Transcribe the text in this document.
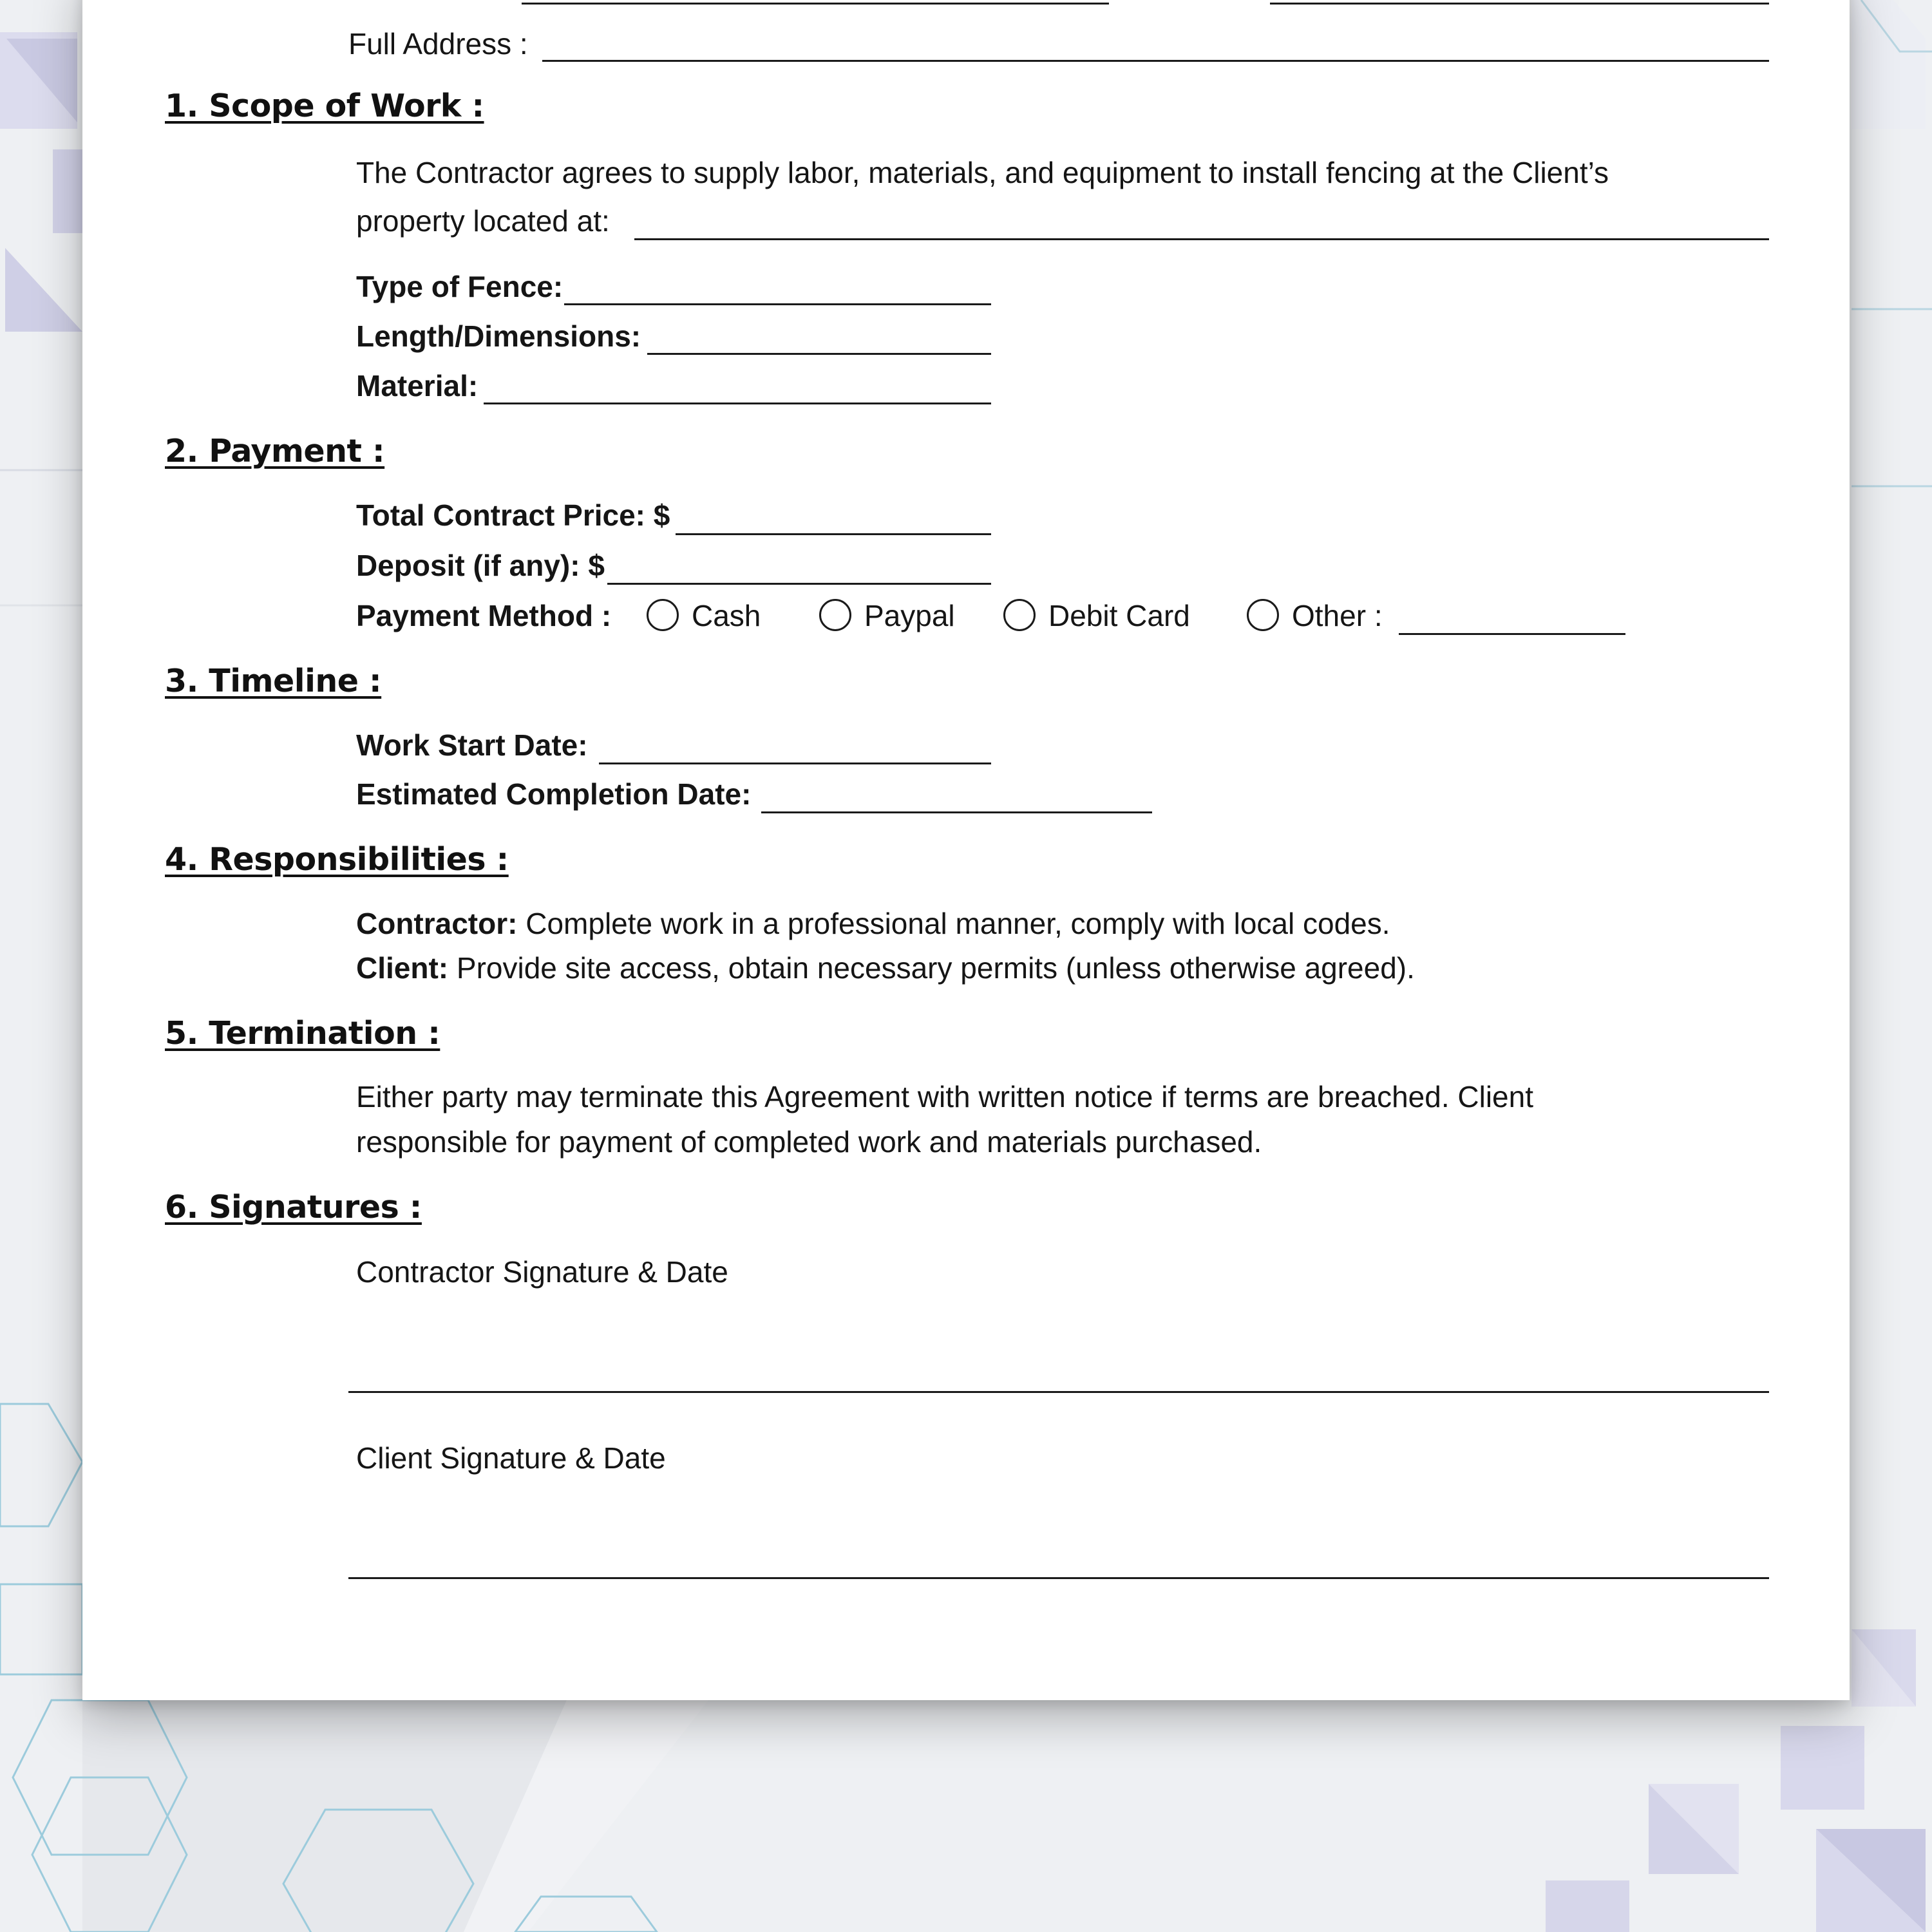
Full Address :
1. Scope of Work :
The Contractor agrees to supply labor, materials, and equipment to install fencing at the Client’s
property located at:
Type of Fence:
Length/Dimensions:
Material:
2. Payment :
Total Contract Price: $
Deposit (if any): $
Payment Method :	Cash	Paypal	Debit Card	Other :
3. Timeline :
Work Start Date:
Estimated Completion Date:
4. Responsibilities :
Contractor: Complete work in a professional manner, comply with local codes.
Client: Provide site access, obtain necessary permits (unless otherwise agreed).
5. Termination :
Either party may terminate this Agreement with written notice if terms are breached. Client
responsible for payment of completed work and materials purchased.
6. Signatures :
Contractor Signature & Date
Client Signature & Date
